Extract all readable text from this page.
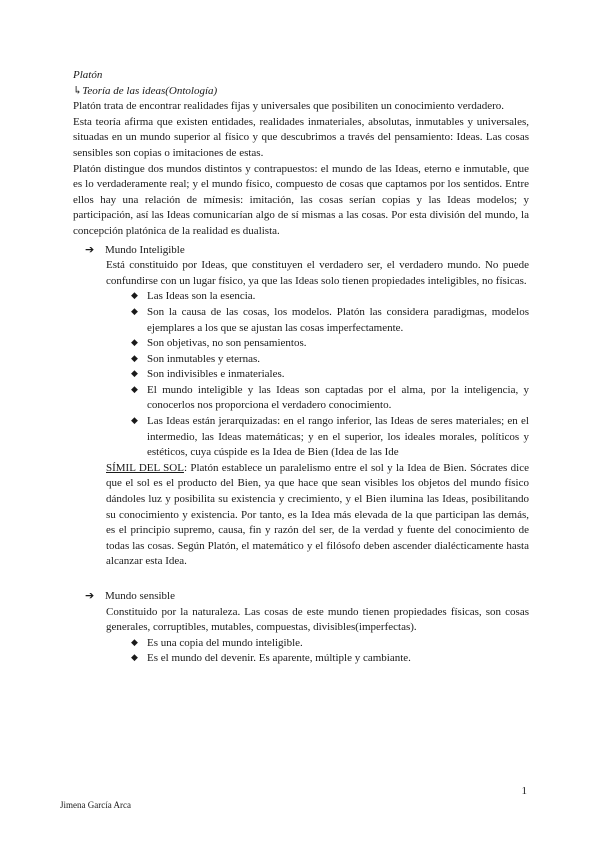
Platón

↳Teoría de las ideas(Ontología)

Platón trata de encontrar realidades fijas y universales que posibiliten un conocimiento verdadero.

Esta teoría afirma que existen entidades, realidades inmateriales, absolutas, inmutables y universales, situadas en un mundo superior al físico y que descubrimos a través del pensamiento: Ideas. Las cosas sensibles son copias o imitaciones de estas.

Platón distingue dos mundos distintos y contrapuestos: el mundo de las Ideas, eterno e inmutable, que es lo verdaderamente real; y el mundo físico, compuesto de cosas que captamos por los sentidos. Entre ellos hay una relación de mímesis: imitación, las cosas serían copias y las Ideas modelos; y participación, así las Ideas comunicarían algo de sí mismas a las cosas. Por esta división del mundo, la concepción platónica de la realidad es dualista.

➔ Mundo Inteligible

Está constituido por Ideas, que constituyen el verdadero ser, el verdadero mundo. No puede confundirse con un lugar físico, ya que las Ideas solo tienen propiedades inteligibles, no físicas.

◆ Las Ideas son la esencia.
◆ Son la causa de las cosas, los modelos. Platón las considera paradigmas, modelos ejemplares a los que se ajustan las cosas imperfectamente.
◆ Son objetivas, no son pensamientos.
◆ Son inmutables y eternas.
◆ Son indivisibles e inmateriales.
◆ El mundo inteligible y las Ideas son captadas por el alma, por la inteligencia, y conocerlos nos proporciona el verdadero conocimiento.
◆ Las Ideas están jerarquizadas: en el rango inferior, las Ideas de seres materiales; en el intermedio, las Ideas matemáticas; y en el superior, los ideales morales, políticos y estéticos, cuya cúspide es la Idea de Bien (Idea de las Ide

SÍMIL DEL SOL: Platón establece un paralelismo entre el sol y la Idea de Bien. Sócrates dice que el sol es el producto del Bien, ya que hace que sean visibles los objetos del mundo físico dándoles luz y posibilita su existencia y crecimiento, y el Bien ilumina las Ideas, posibilitando su conocimiento y existencia. Por tanto, es la Idea más elevada de la que participan las demás, es el principio supremo, causa, fin y razón del ser, de la verdad y fuente del conocimiento de todas las cosas. Según Platón, el matemático y el filósofo deben ascender dialécticamente hasta alcanzar esta Idea.

➔ Mundo sensible

Constituido por la naturaleza. Las cosas de este mundo tienen propiedades físicas, son cosas generales, corruptibles, mutables, compuestas, divisibles(imperfectas).

◆ Es una copia del mundo inteligible.
◆ Es el mundo del devenir. Es aparente, múltiple y cambiante.
1
Jimena García Arca
